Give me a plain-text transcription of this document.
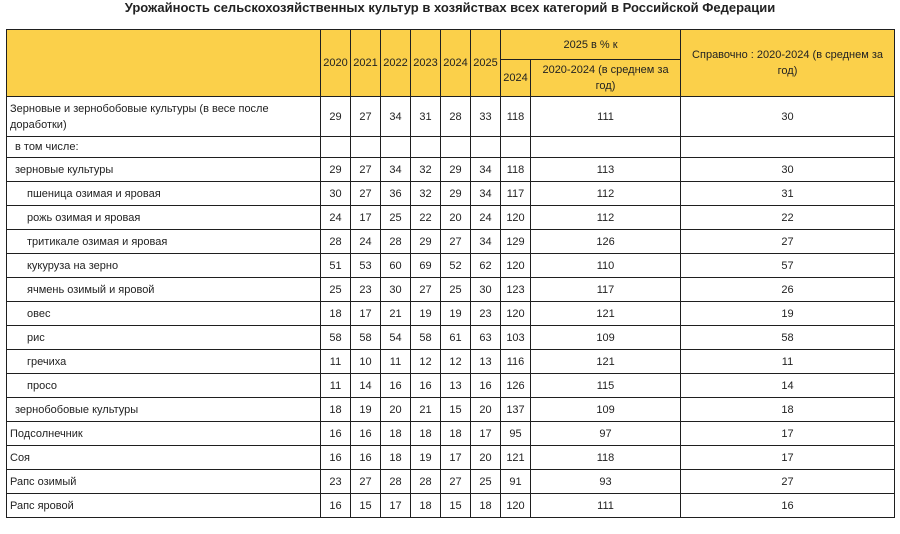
Урожайность сельскохозяйственных культур в хозяйствах всех категорий в Российской Федерации
	2020	2021	2022	2023	2024	2025	2025 в % к		Справочно : 2020-2024 (в среднем за год)
							2024	2020-2024 (в среднем за год)	
Зерновые и зернобобовые культуры (в весе после доработки)	29	27	34	31	28	33	118	111	30
в том числе:									
зерновые культуры	29	27	34	32	29	34	118	113	30
пшеница озимая и яровая	30	27	36	32	29	34	117	112	31
рожь озимая и яровая	24	17	25	22	20	24	120	112	22
тритикале озимая и яровая	28	24	28	29	27	34	129	126	27
кукуруза на зерно	51	53	60	69	52	62	120	110	57
ячмень озимый и яровой	25	23	30	27	25	30	123	117	26
овес	18	17	21	19	19	23	120	121	19
рис	58	58	54	58	61	63	103	109	58
гречиха	11	10	11	12	12	13	116	121	11
просо	11	14	16	16	13	16	126	115	14
зернобобовые культуры	18	19	20	21	15	20	137	109	18
Подсолнечник	16	16	18	18	18	17	95	97	17
Соя	16	16	18	19	17	20	121	118	17
Рапс озимый	23	27	28	28	27	25	91	93	27
Рапс яровой	16	15	17	18	15	18	120	111	16
